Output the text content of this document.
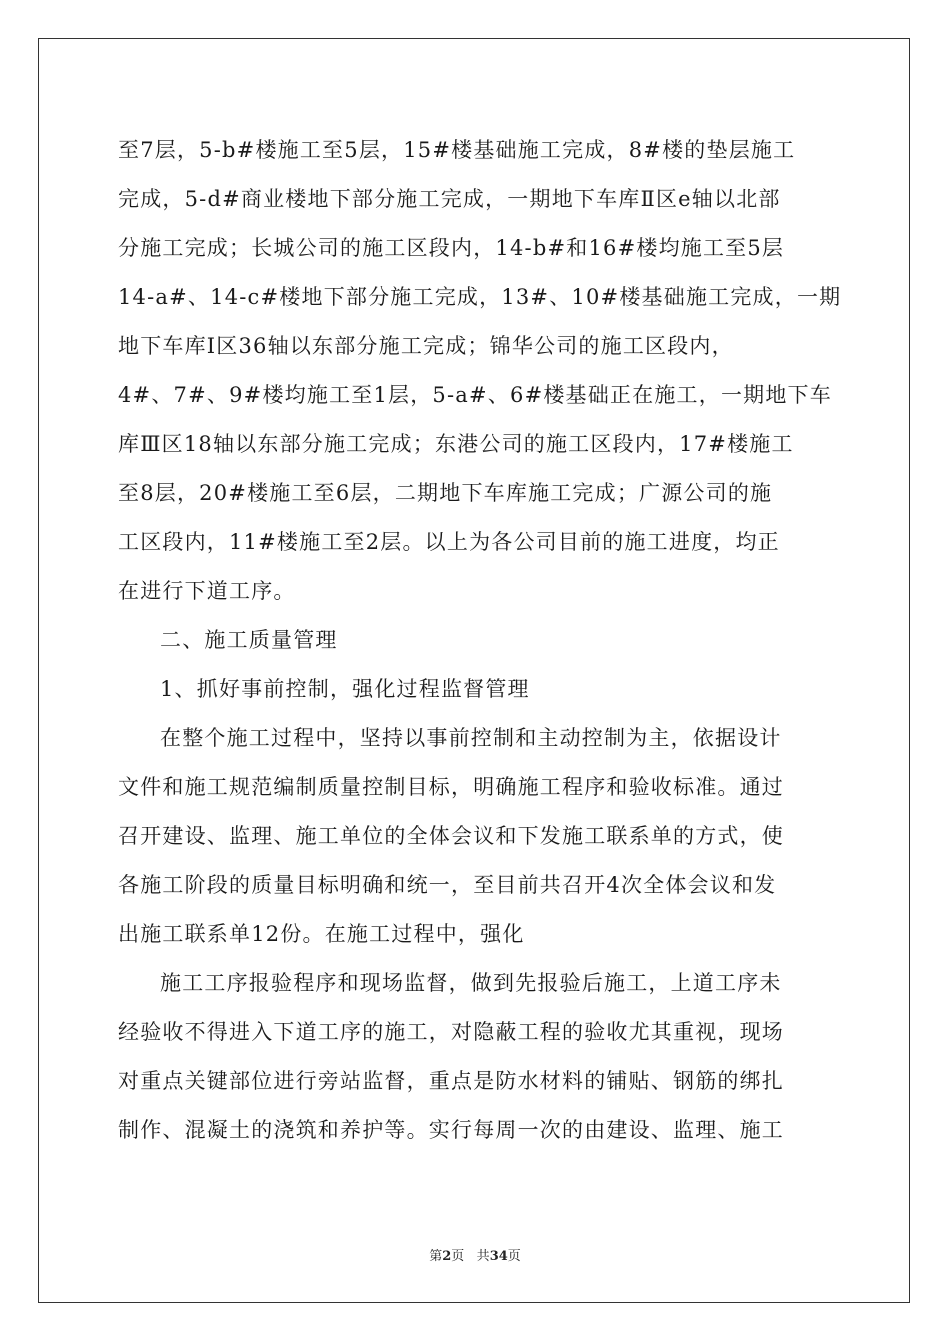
至7层，5-b#楼施工至5层，15#楼基础施工完成，8#楼的垫层施工
完成，5-d#商业楼地下部分施工完成，一期地下车库Ⅱ区e轴以北部
分施工完成；长城公司的施工区段内，14-b#和16#楼均施工至5层
14-a#、14-c#楼地下部分施工完成，13#、10#楼基础施工完成，一期
地下车库Ⅰ区36轴以东部分施工完成；锦华公司的施工区段内，
4#、7#、9#楼均施工至1层，5-a#、6#楼基础正在施工，一期地下车
库Ⅲ区18轴以东部分施工完成；东港公司的施工区段内，17#楼施工
至8层，20#楼施工至6层，二期地下车库施工完成；广源公司的施
工区段内，11#楼施工至2层。以上为各公司目前的施工进度，均正
在进行下道工序。
二、施工质量管理
1、抓好事前控制，强化过程监督管理
在整个施工过程中，坚持以事前控制和主动控制为主，依据设计
文件和施工规范编制质量控制目标，明确施工程序和验收标准。通过
召开建设、监理、施工单位的全体会议和下发施工联系单的方式，使
各施工阶段的质量目标明确和统一，至目前共召开4次全体会议和发
出施工联系单12份。在施工过程中，强化
施工工序报验程序和现场监督，做到先报验后施工，上道工序未
经验收不得进入下道工序的施工，对隐蔽工程的验收尤其重视，现场
对重点关键部位进行旁站监督，重点是防水材料的铺贴、钢筋的绑扎
制作、混凝土的浇筑和养护等。实行每周一次的由建设、监理、施工
第2页 共34页
